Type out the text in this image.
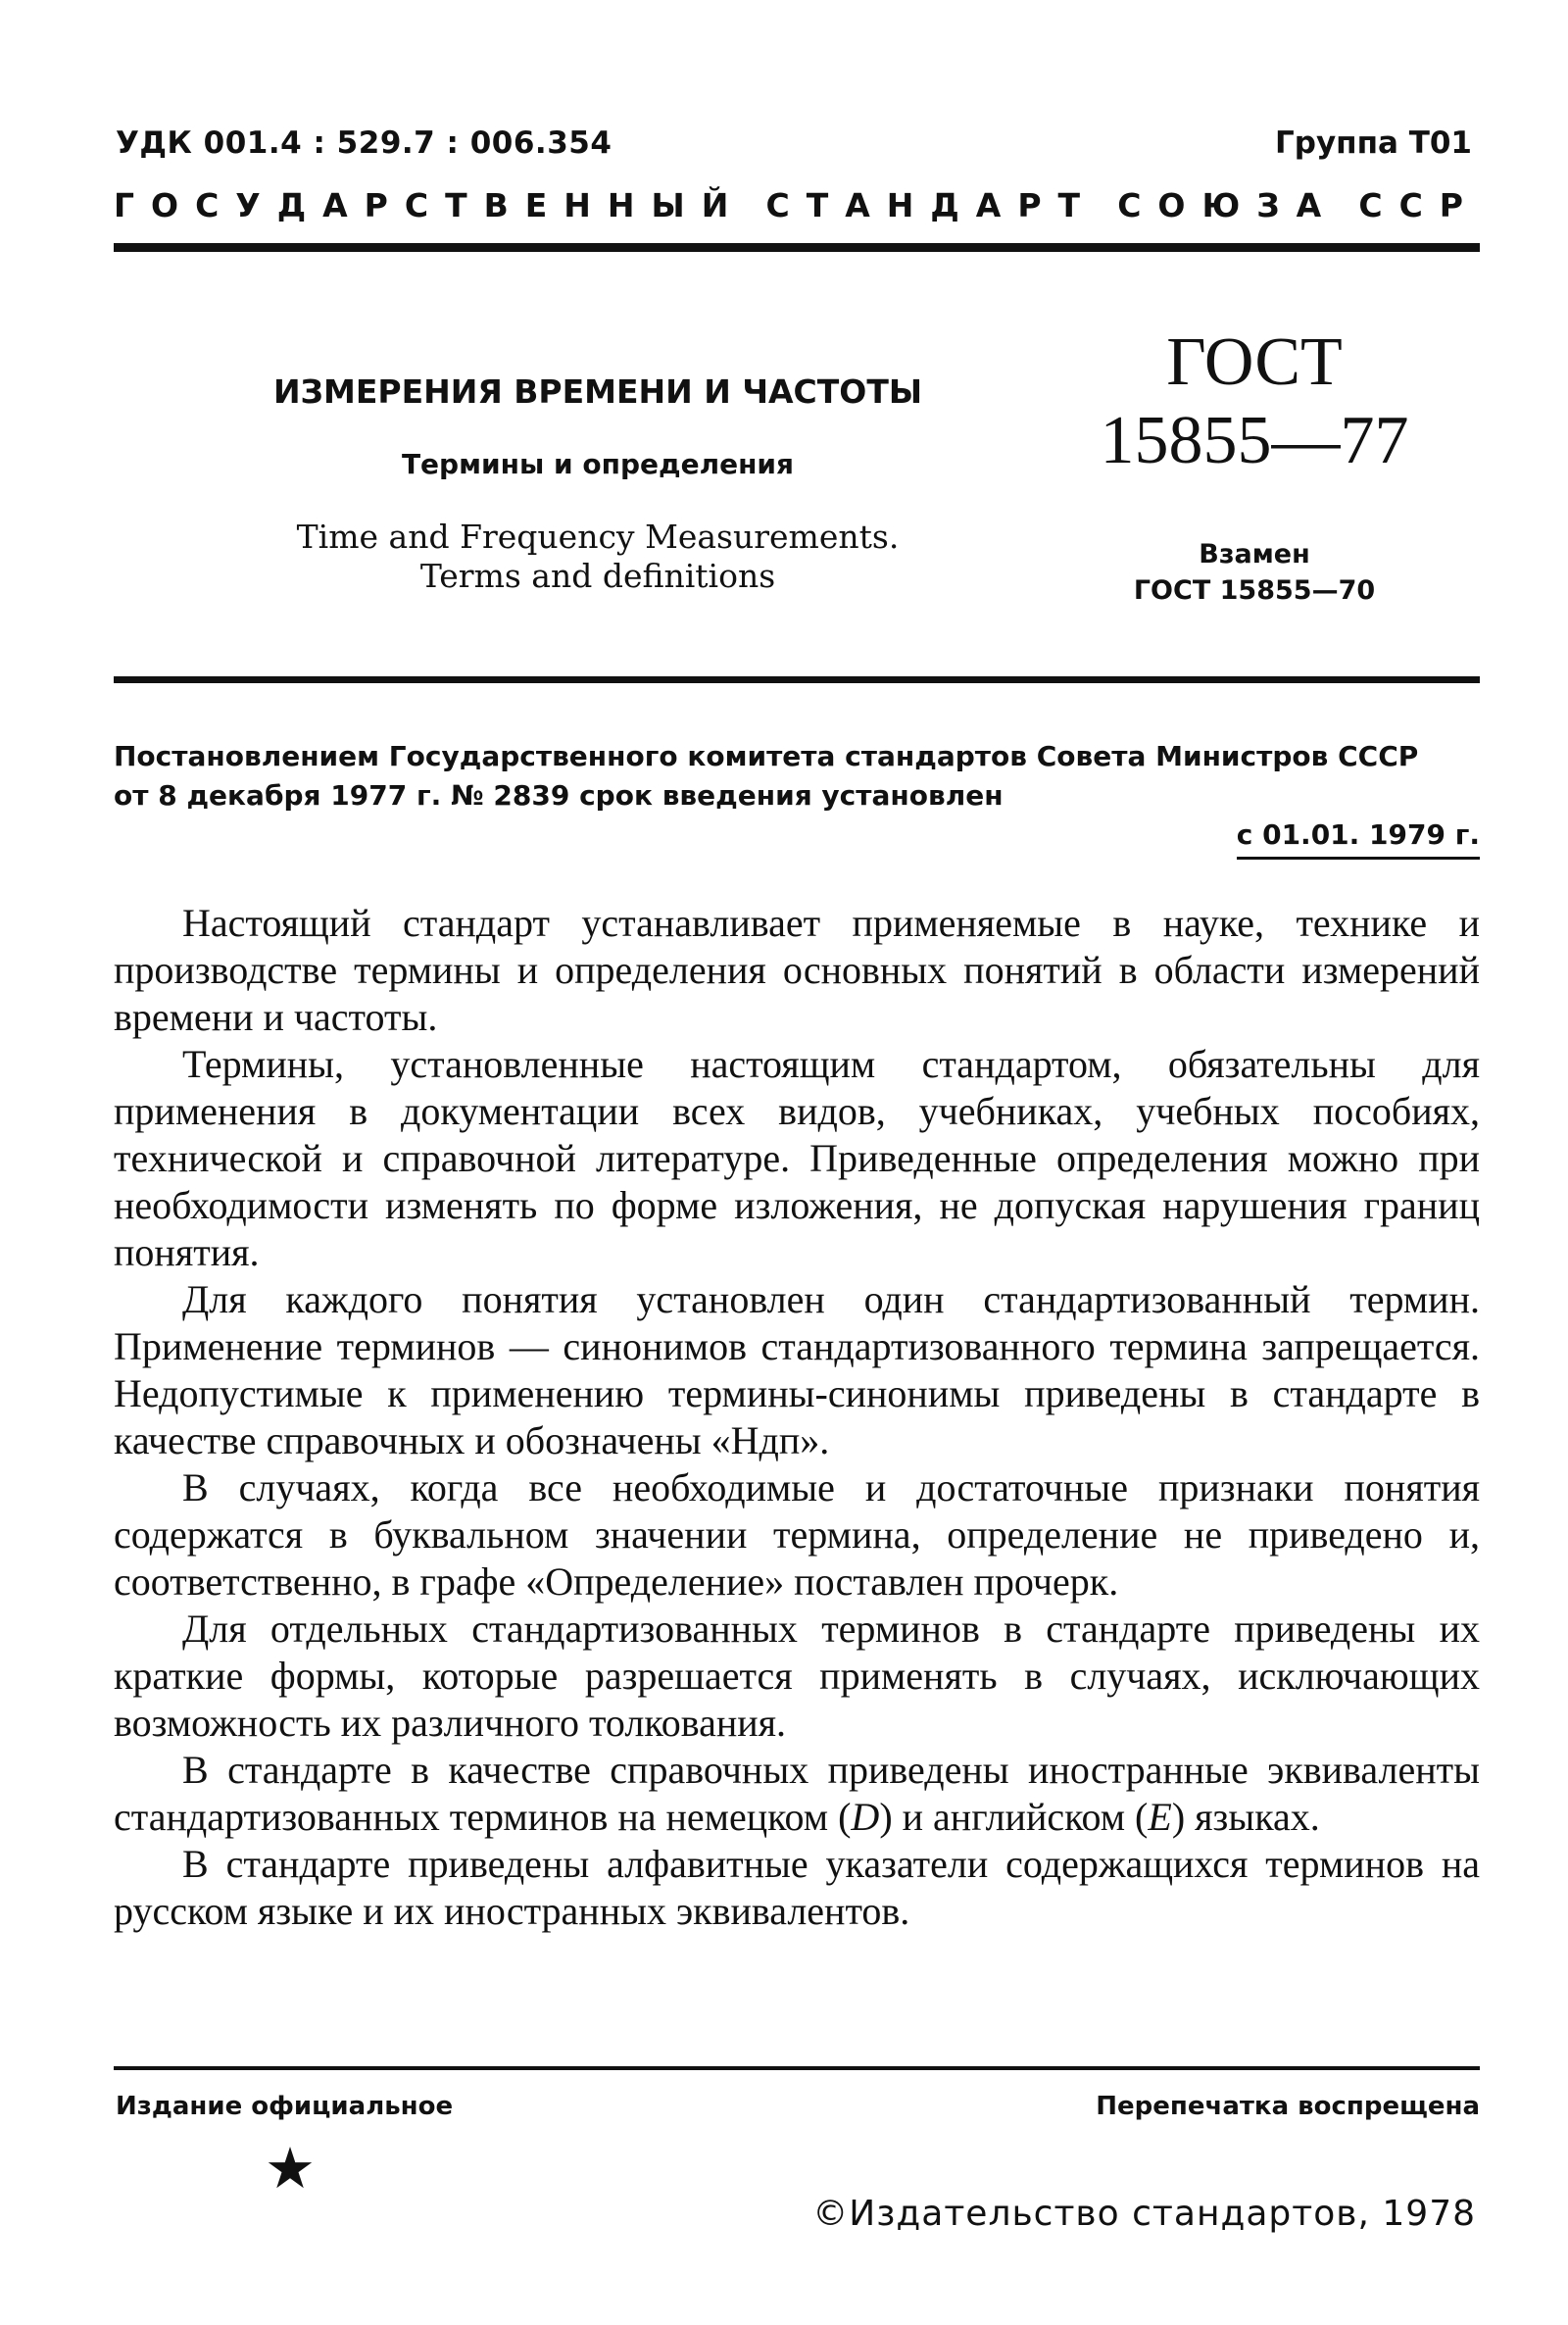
УДК 001.4 : 529.7 : 006.354	Группа Т01
ГОСУДАРСТВЕННЫЙ СТАНДАРТ СОЮЗА ССР

ИЗМЕРЕНИЯ ВРЕМЕНИ И ЧАСТОТЫ

Термины и определения

Time and Frequency Measurements.
Terms and definitions
ГОСТ
15855—77
Взамен
ГОСТ 15855—70

Постановлением Государственного комитета стандартов Совета Министров СССР

от 8 декабря 1977 г. № 2839 срок введения установлен

с 01.01. 1979 г.

Настоящий стандарт устанавливает применяемые в науке, технике и производстве термины и определения основных понятий в области измерений времени и частоты.

Термины, установленные настоящим стандартом, обязательны для применения в документации всех видов, учебниках, учебных пособиях, технической и справочной литературе. Приведенные определения можно при необходимости изменять по форме изложения, не допуская нарушения границ понятия.

Для каждого понятия установлен один стандартизованный термин. Применение терминов — синонимов стандартизованного термина запрещается. Недопустимые к применению термины-синонимы приведены в стандарте в качестве справочных и обозначены «Ндп».

В случаях, когда все необходимые и достаточные признаки понятия содержатся в буквальном значении термина, определение не приведено и, соответственно, в графе «Определение» поставлен прочерк.

Для отдельных стандартизованных терминов в стандарте приведены их краткие формы, которые разрешается применять в случаях, исключающих возможность их различного толкования.

В стандарте в качестве справочных приведены иностранные эквиваленты стандартизованных терминов на немецком (D) и английском (E) языках.

В стандарте приведены алфавитные указатели содержащихся терминов на русском языке и их иностранных эквивалентов.

Издание официальное	Перепечатка воспрещена
★
©Издательство стандартов, 1978
